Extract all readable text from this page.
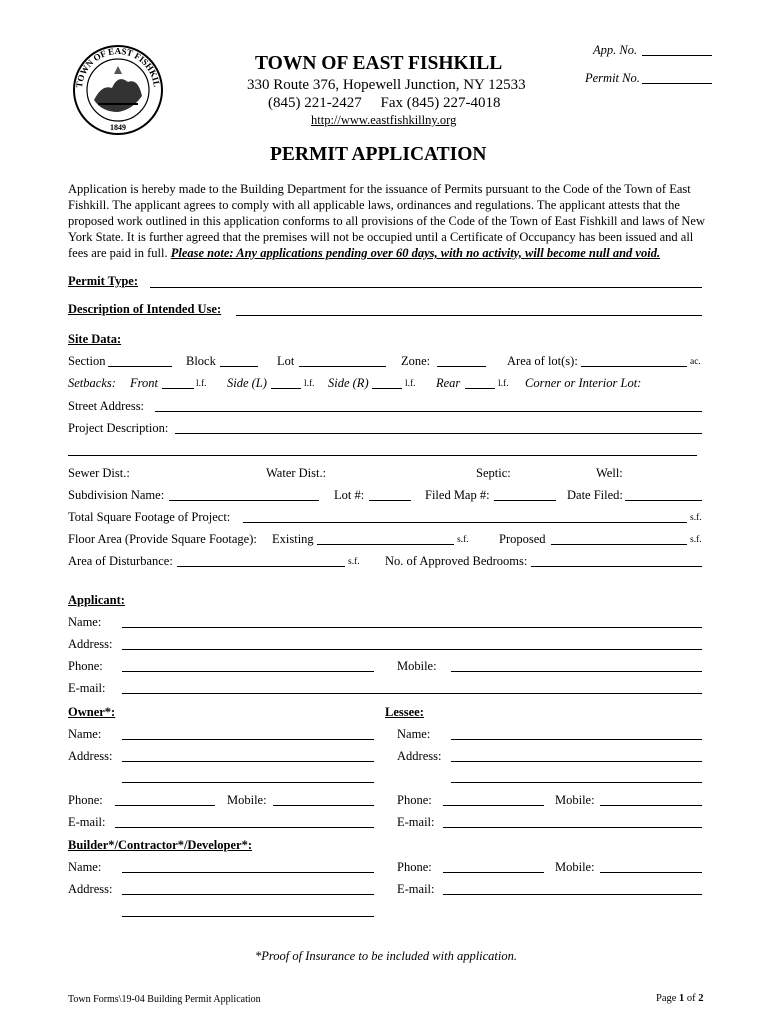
TOWN OF EAST FISHKIL
1849
TOWN OF EAST FISHKILL
330 Route 376, Hopewell Junction, NY 12533
(845) 221-2427     Fax (845) 227-4018
http://www.eastfishkillny.org
App. No.
Permit No.
PERMIT APPLICATION
Application is hereby made to the Building Department for the issuance of Permits pursuant to the Code of the Town of East
Fishkill. The applicant agrees to comply with all applicable laws, ordinances and regulations. The applicant attests that the
proposed work outlined in this application conforms to all provisions of the Code of the Town of East Fishkill and laws of New
York State. It is further agreed that the premises will not be occupied until a Certificate of Occupancy has been issued and all
fees are paid in full. Please note: Any applications pending over 60 days, with no activity, will become null and void.
Permit Type:
Description of Intended Use:
Site Data:
Section	Block	Lot	Zone:	Area of lot(s):	ac.
Setbacks: Front	l.f. Side (L)	l.f. Side (R)	l.f. Rear	l.f. Corner or Interior Lot:
Street Address:
Project Description:
Sewer Dist.:	Water Dist.:	Septic:	Well:
Subdivision Name:	Lot #:	Filed Map #:	Date Filed:
Total Square Footage of Project:	s.f.
Floor Area (Provide Square Footage): Existing	s.f. Proposed	s.f.
Area of Disturbance:	s.f. No. of Approved Bedrooms:
Applicant:
Name:
Address:
Phone:	Mobile:
E-mail:
Owner*:	Lessee:
Name:	Name:
Address:	Address:
Phone:	Mobile:	Phone:	Mobile:
E-mail:	E-mail:
Builder*/Contractor*/Developer*:
Name:	Phone:	Mobile:
Address:	E-mail:
*Proof of Insurance to be included with application.
Town Forms\19-04 Building Permit Application	Page 1 of 2
